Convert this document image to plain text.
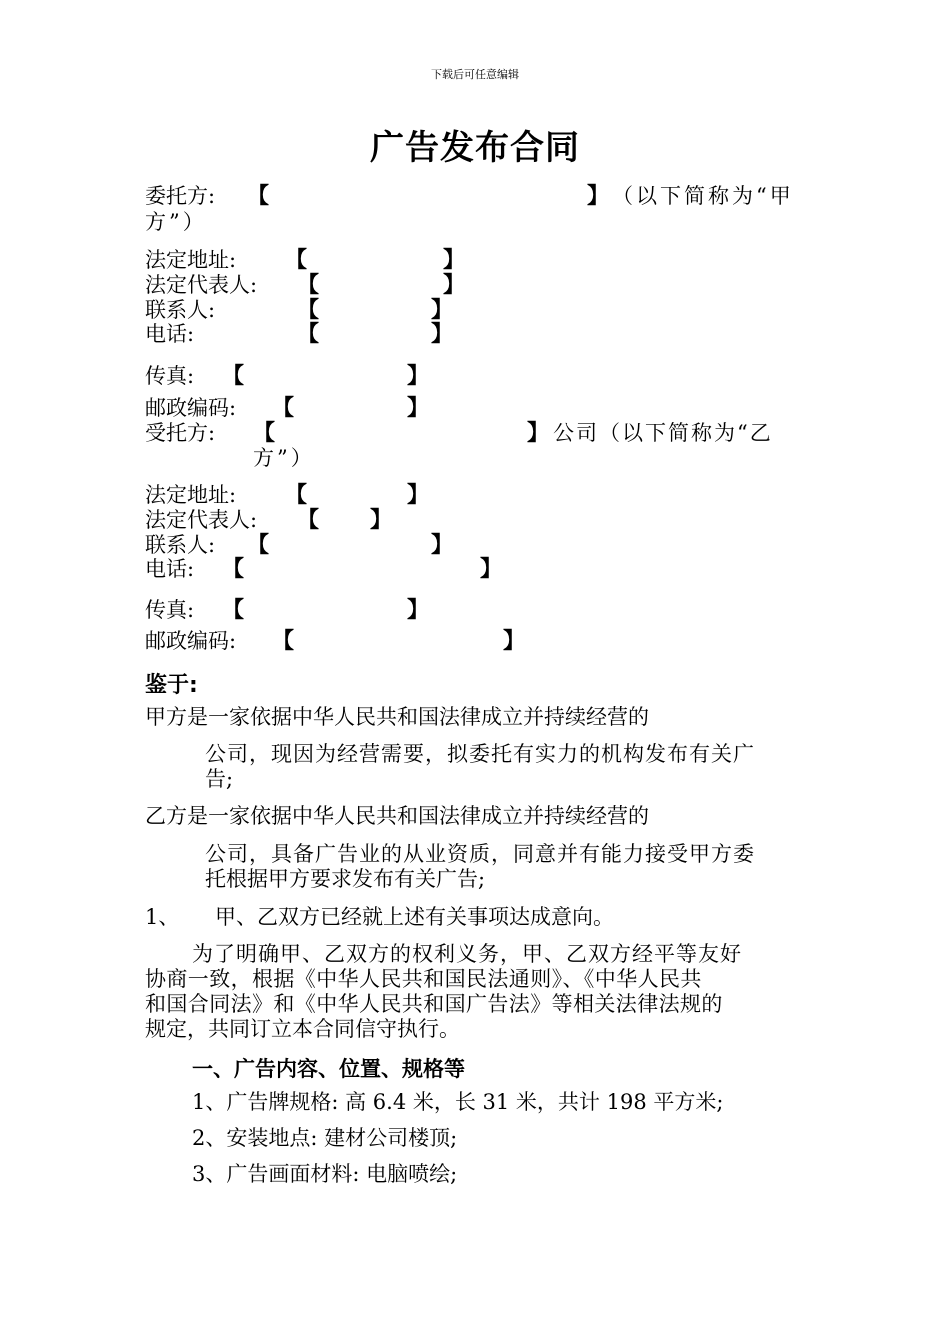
下载后可任意编辑
广告发布合同
委托方: 【	】 （以下简称为“甲
方”）
法定地址: 【	】
法定代表人: 【	】
联系人:	【	】
电话:	【	】
传真: 【	】
邮政编码: 【	】
受托方: 【	】 公司（以下简称为“乙
方”）
法定地址: 【	】
法定代表人: 【 】
联系人: 【	】
电话: 【	】
传真: 【	】
邮政编码: 【	】
鉴于:
甲方是一家依据中华人民共和国法律成立并持续经营的
公司，现因为经营需要，拟委托有实力的机构发布有关广
告;
乙方是一家依据中华人民共和国法律成立并持续经营的
公司，具备广告业的从业资质，同意并有能力接受甲方委
托根据甲方要求发布有关广告;
1、 甲、乙双方已经就上述有关事项达成意向。
为了明确甲、乙双方的权利义务，甲、乙双方经平等友好
协商一致，根据《中华人民共和国民法通则》、《中华人民共
和国合同法》和《中华人民共和国广告法》等相关法律法规的
规定，共同订立本合同信守执行。
一、广告内容、位置、规格等
1、广告牌规格: 高 6.4 米，长 31 米，共计 198 平方米;
2、安装地点: 建材公司楼顶;
3、广告画面材料: 电脑喷绘;
